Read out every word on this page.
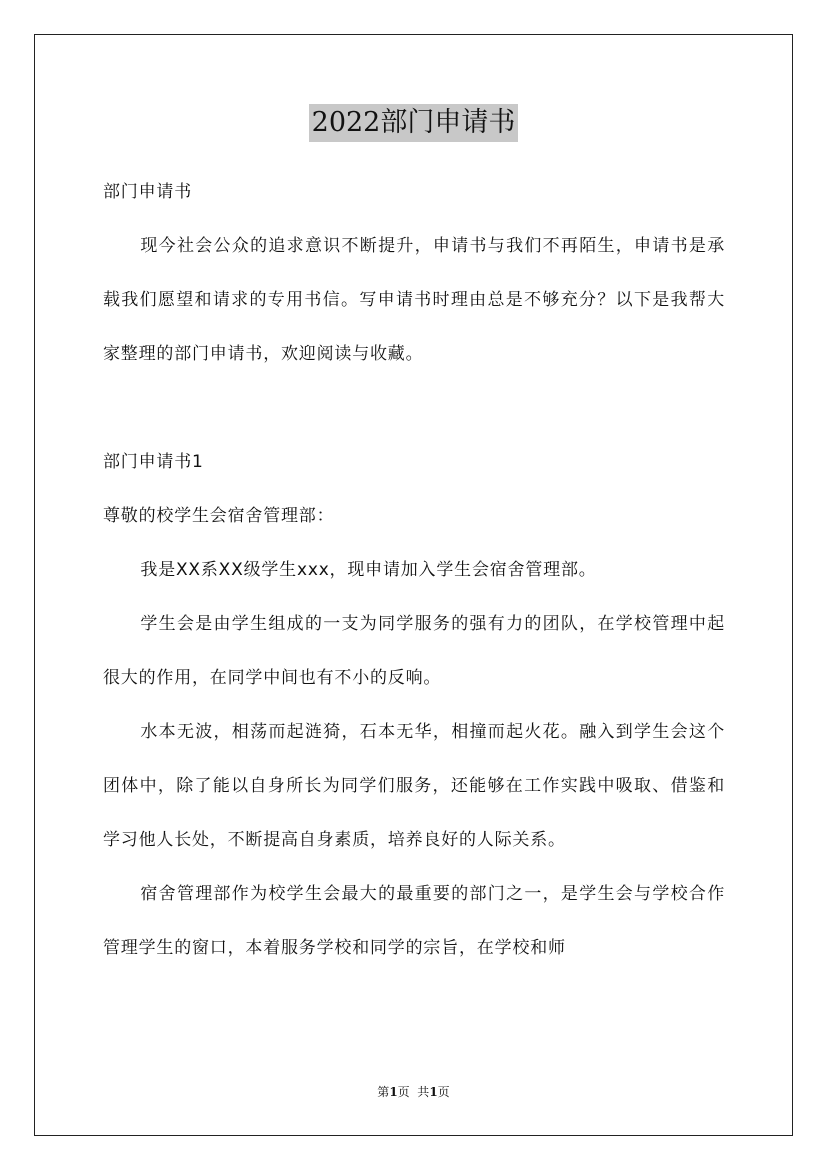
2022部门申请书

部门申请书

现今社会公众的追求意识不断提升，申请书与我们不再陌生，申请书是承载我们愿望和请求的专用书信。写申请书时理由总是不够充分？以下是我帮大家整理的部门申请书，欢迎阅读与收藏。

部门申请书1

尊敬的校学生会宿舍管理部：

我是XX系XX级学生xxx，现申请加入学生会宿舍管理部。

学生会是由学生组成的一支为同学服务的强有力的团队，在学校管理中起很大的作用，在同学中间也有不小的反响。

水本无波，相荡而起涟猗，石本无华，相撞而起火花。融入到学生会这个团体中，除了能以自身所长为同学们服务，还能够在工作实践中吸取、借鉴和学习他人长处，不断提高自身素质，培养良好的人际关系。

宿舍管理部作为校学生会最大的最重要的部门之一，是学生会与学校合作管理学生的窗口，本着服务学校和同学的宗旨，在学校和师

第1页  共1页
